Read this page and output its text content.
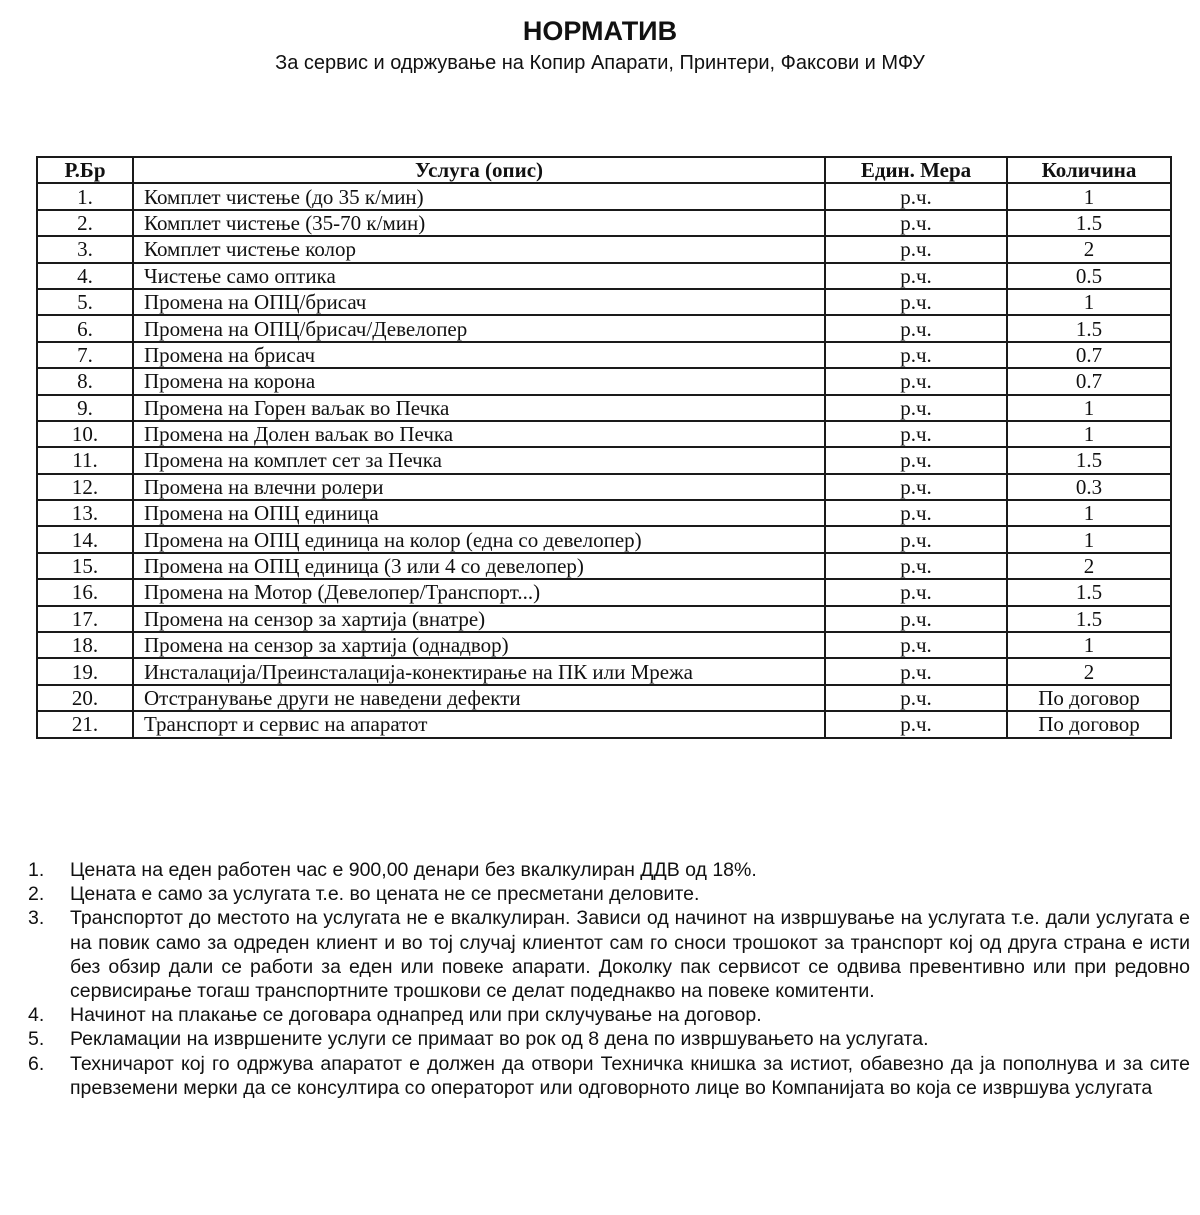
НОРМАТИВ

За сервис и одржување на Копир Апарати, Принтери, Факсови и МФУ

Р.Бр	Услуга (опис)	Един. Мера	Количина
1.	Комплет чистење (до 35 к/мин)	р.ч.	1
2.	Комплет чистење (35-70 к/мин)	р.ч.	1.5
3.	Комплет чистење колор	р.ч.	2
4.	Чистење само оптика	р.ч.	0.5
5.	Промена на ОПЦ/брисач	р.ч.	1
6.	Промена на ОПЦ/брисач/Девелопер	р.ч.	1.5
7.	Промена на брисач	р.ч.	0.7
8.	Промена на корона	р.ч.	0.7
9.	Промена на Горен ваљак во Печка	р.ч.	1
10.	Промена на Долен ваљак во Печка	р.ч.	1
11.	Промена на комплет сет за Печка	р.ч.	1.5
12.	Промена на влечни ролери	р.ч.	0.3
13.	Промена на ОПЦ единица	р.ч.	1
14.	Промена на ОПЦ единица на колор (една со девелопер)	р.ч.	1
15.	Промена на ОПЦ единица (3 или 4 со девелопер)	р.ч.	2
16.	Промена на Мотор (Девелопер/Транспорт...)	р.ч.	1.5
17.	Промена на сензор за хартија (внатре)	р.ч.	1.5
18.	Промена на сензор за хартија (однадвор)	р.ч.	1
19.	Инсталација/Преинсталација-конектирање на ПК или Мрежа	р.ч.	2
20.	Отстранување други не наведени дефекти	р.ч.	По договор
21.	Транспорт и сервис на апаратот	р.ч.	По договор
1. Цената на еден работен час е 900,00 денари без вкалкулиран ДДВ од 18%.
2. Цената е само за услугата т.е. во цената не се пресметани деловите.
3. Транспортот до местото на услугата не е вкалкулиран. Зависи од начинот на извршување на услугата т.е. дали услугата е на повик само за одреден клиент и во тој случај клиентот сам го сноси трошокот за транспорт кој од друга страна е исти без обзир дали се работи за еден или повеке апарати. Доколку пак сервисот се одвива превентивно или при редовно сервисирање тогаш транспортните трошкови се делат подеднакво на повеке комитенти.
4. Начинот на плакање се договара однапред или при склучување на договор.
5. Рекламации на извршените услуги се примаат во рок од 8 дена по извршувањето на услугата.
6. Техничарот кој го одржува апаратот е должен да отвори Техничка книшка за истиот, обавезно да ја пополнува и за сите превземени мерки да се консултира со операторот или одговорното лице во Компанијата во која се извршува услугата
